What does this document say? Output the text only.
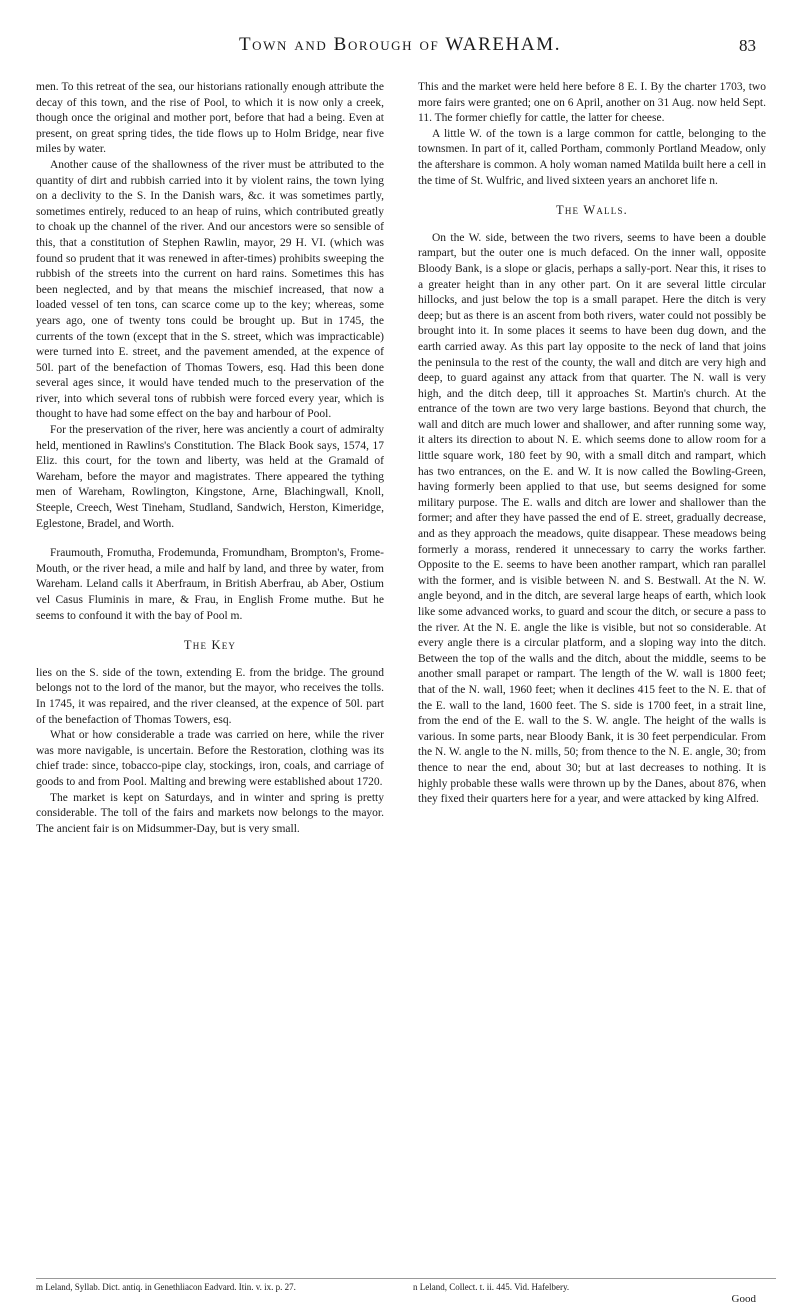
Town and Borough of WAREHAM.	83

men. To this retreat of the sea, our historians rationally enough attribute the decay of this town, and the rise of Pool, to which it is now only a creek, though once the original and mother port, before that had a being. Even at present, on great spring tides, the tide flows up to Holm Bridge, near five miles by water.

Another cause of the shallowness of the river must be attributed to the quantity of dirt and rubbish carried into it by violent rains, the town lying on a declivity to the S. In the Danish wars, &c. it was sometimes partly, sometimes entirely, reduced to an heap of ruins, which contributed greatly to choak up the channel of the river. And our ancestors were so sensible of this, that a constitution of Stephen Rawlin, mayor, 29 H. VI. (which was found so prudent that it was renewed in after-times) prohibits sweeping the rubbish of the streets into the current on hard rains. Sometimes this has been neglected, and by that means the mischief increased, that now a loaded vessel of ten tons, can scarce come up to the key; whereas, some years ago, one of twenty tons could be brought up. But in 1745, the currents of the town (except that in the S. street, which was impracticable) were turned into E. street, and the pavement amended, at the expence of 50l. part of the benefaction of Thomas Towers, esq. Had this been done several ages since, it would have tended much to the preservation of the river, into which several tons of rubbish were forced every year, which is thought to have had some effect on the bay and harbour of Pool.

For the preservation of the river, here was anciently a court of admiralty held, mentioned in Rawlins's Constitution. The Black Book says, 1574, 17 Eliz. this court, for the town and liberty, was held at the Gramald of Wareham, before the mayor and magistrates. There appeared the tything men of Wareham, Rowlington, Kingstone, Arne, Blachingwall, Knoll, Steeple, Creech, West Tineham, Studland, Sandwich, Herston, Kimeridge, Eglestone, Bradel, and Worth.

Fraumouth, Fromutha, Frodemunda, Fromundham, Brompton's, Frome-Mouth, or the river head, a mile and half by land, and three by water, from Wareham. Leland calls it Aberfraum, in British Aberfrau, ab Aber, Ostium vel Casus Fluminis in mare, & Frau, in English Frome muthe. But he seems to confound it with the bay of Pool m.

The Key

lies on the S. side of the town, extending E. from the bridge. The ground belongs not to the lord of the manor, but the mayor, who receives the tolls. In 1745, it was repaired, and the river cleansed, at the expence of 50l. part of the benefaction of Thomas Towers, esq.

What or how considerable a trade was carried on here, while the river was more navigable, is uncertain. Before the Restoration, clothing was its chief trade: since, tobacco-pipe clay, stockings, iron, coals, and carriage of goods to and from Pool. Malting and brewing were established about 1720.

The market is kept on Saturdays, and in winter and spring is pretty considerable. The toll of the fairs and markets now belongs to the mayor. The ancient fair is on Midsummer-Day, but is very small.

This and the market were held here before 8 E. I. By the charter 1703, two more fairs were granted; one on 6 April, another on 31 Aug. now held Sept. 11. The former chiefly for cattle, the latter for cheese.

A little W. of the town is a large common for cattle, belonging to the townsmen. In part of it, called Portham, commonly Portland Meadow, only the aftershare is common. A holy woman named Matilda built here a cell in the time of St. Wulfric, and lived sixteen years an anchoret life n.

The Walls.

On the W. side, between the two rivers, seems to have been a double rampart, but the outer one is much defaced. On the inner wall, opposite Bloody Bank, is a slope or glacis, perhaps a sally-port. Near this, it rises to a greater height than in any other part. On it are several little circular hillocks, and just below the top is a small parapet. Here the ditch is very deep; but as there is an ascent from both rivers, water could not possibly be brought into it. In some places it seems to have been dug down, and the earth carried away. As this part lay opposite to the neck of land that joins the peninsula to the rest of the county, the wall and ditch are very high and deep, to guard against any attack from that quarter. The N. wall is very high, and the ditch deep, till it approaches St. Martin's church. At the entrance of the town are two very large bastions. Beyond that church, the wall and ditch are much lower and shallower, and after running some way, it alters its direction to about N. E. which seems done to allow room for a little square work, 180 feet by 90, with a small ditch and rampart, which has two entrances, on the E. and W. It is now called the Bowling-Green, having formerly been applied to that use, but seems designed for some military purpose. The E. walls and ditch are lower and shallower than the former; and after they have passed the end of E. street, gradually decrease, and as they approach the meadows, quite disappear. These meadows being formerly a morass, rendered it unnecessary to carry the works farther. Opposite to the E. seems to have been another rampart, which ran parallel with the former, and is visible between N. and S. Bestwall. At the N. W. angle beyond, and in the ditch, are several large heaps of earth, which look like some advanced works, to guard and scour the ditch, or secure a pass to the river. At the N. E. angle the like is visible, but not so considerable. At every angle there is a circular platform, and a sloping way into the ditch. Between the top of the walls and the ditch, about the middle, seems to be another small parapet or rampart. The length of the W. wall is 1800 feet; that of the N. wall, 1960 feet; when it declines 415 feet to the N. E. that of the E. wall to the land, 1600 feet. The S. side is 1700 feet, in a strait line, from the end of the E. wall to the S. W. angle. The height of the walls is various. In some parts, near Bloody Bank, it is 30 feet perpendicular. From the N. W. angle to the N. mills, 50; from thence to the N. E. angle, 30; from thence to near the end, about 30; but at last decreases to nothing. It is highly probable these walls were thrown up by the Danes, about 876, when they fixed their quarters here for a year, and were attacked by king Alfred.

m Leland, Syllab. Dict. antiq. in Genethliacon Eadvard. Itin. v. ix. p. 27.	n Leland, Collect. t. ii. 445. Vid. Hafelbery.
Good
